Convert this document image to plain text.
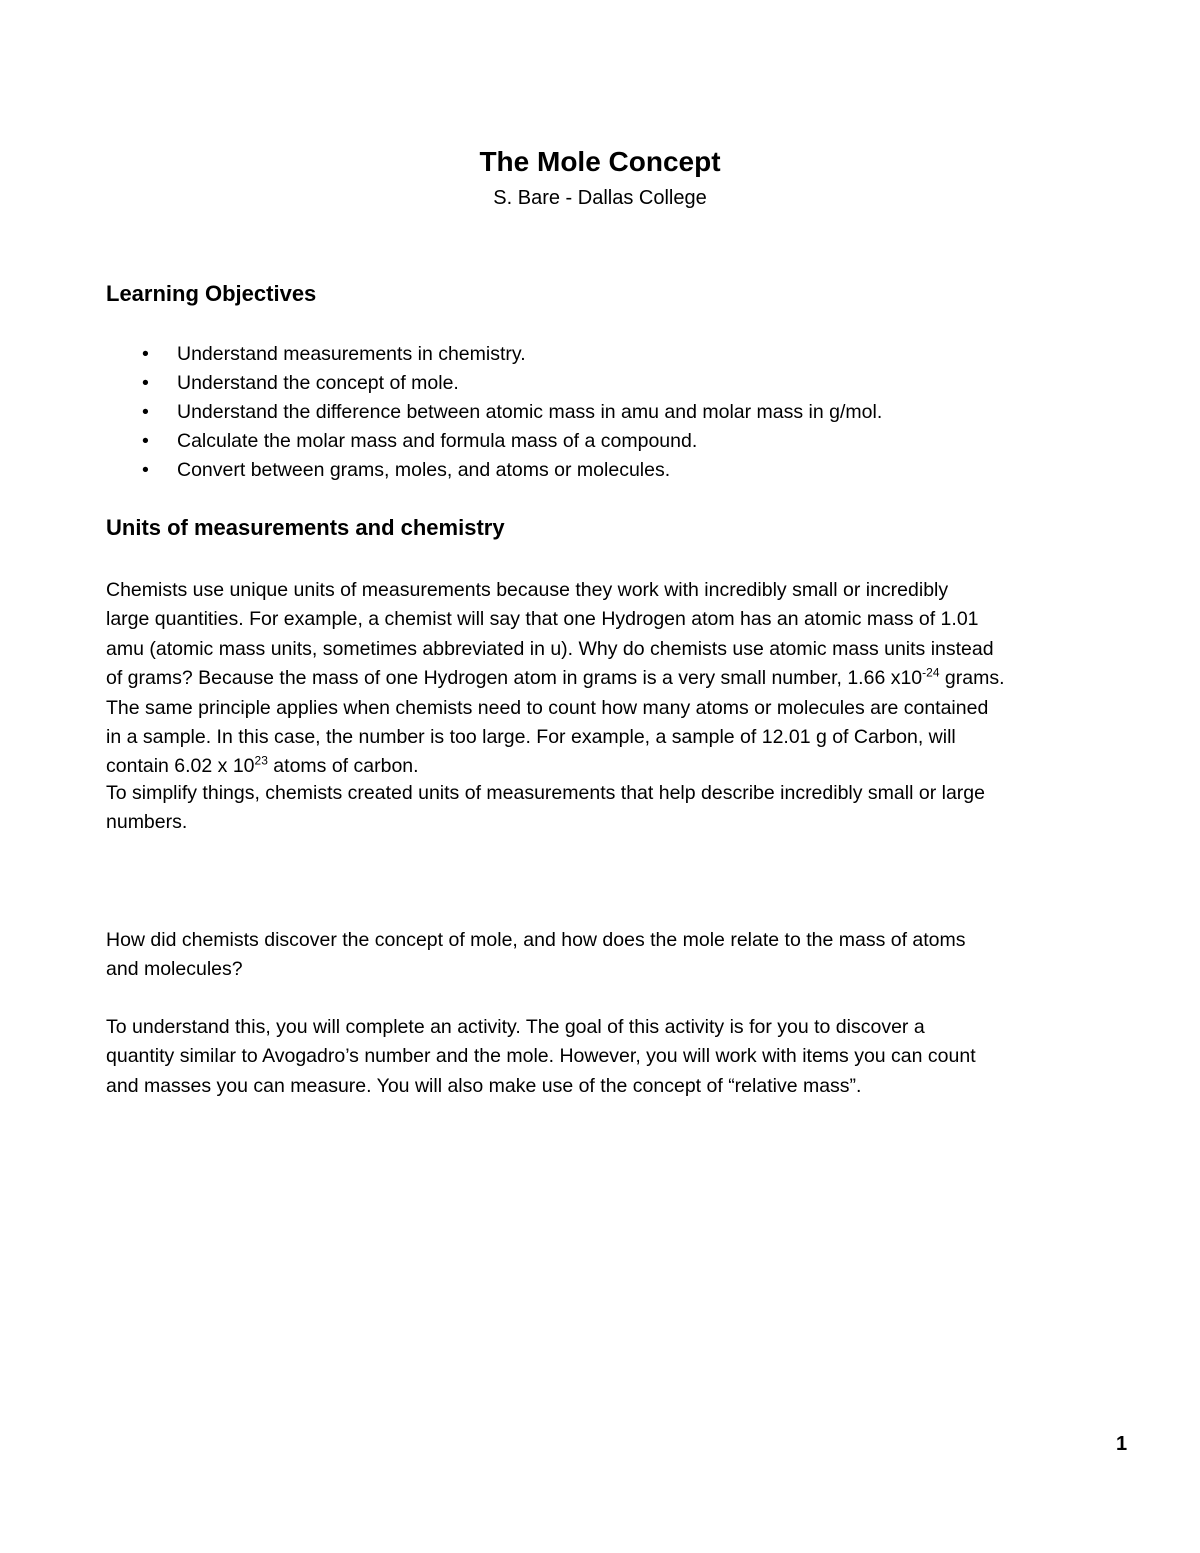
The Mole Concept
S. Bare - Dallas College
Learning Objectives
• Understand measurements in chemistry.
• Understand the concept of mole.
• Understand the difference between atomic mass in amu and molar mass in g/mol.
• Calculate the molar mass and formula mass of a compound.
• Convert between grams, moles, and atoms or molecules.
Units of measurements and chemistry
Chemists use unique units of measurements because they work with incredibly small or incredibly
large quantities. For example, a chemist will say that one Hydrogen atom has an atomic mass of 1.01
amu (atomic mass units, sometimes abbreviated in u). Why do chemists use atomic mass units instead
of grams? Because the mass of one Hydrogen atom in grams is a very small number, 1.66 $x10^{-24}$ grams.
The same principle applies when chemists need to count how many atoms or molecules are contained
in a sample. In this case, the number is too large. For example, a sample of 12.01 g of Carbon, will
contain 6.02 x $10^{23}$ atoms of carbon.
To simplify things, chemists created units of measurements that help describe incredibly small or large
numbers.
How did chemists discover the concept of mole, and how does the mole relate to the mass of atoms
and molecules?
To understand this, you will complete an activity. The goal of this activity is for you to discover a
quantity similar to Avogadro’s number and the mole. However, you will work with items you can count
and masses you can measure. You will also make use of the concept of “relative mass”.
1
